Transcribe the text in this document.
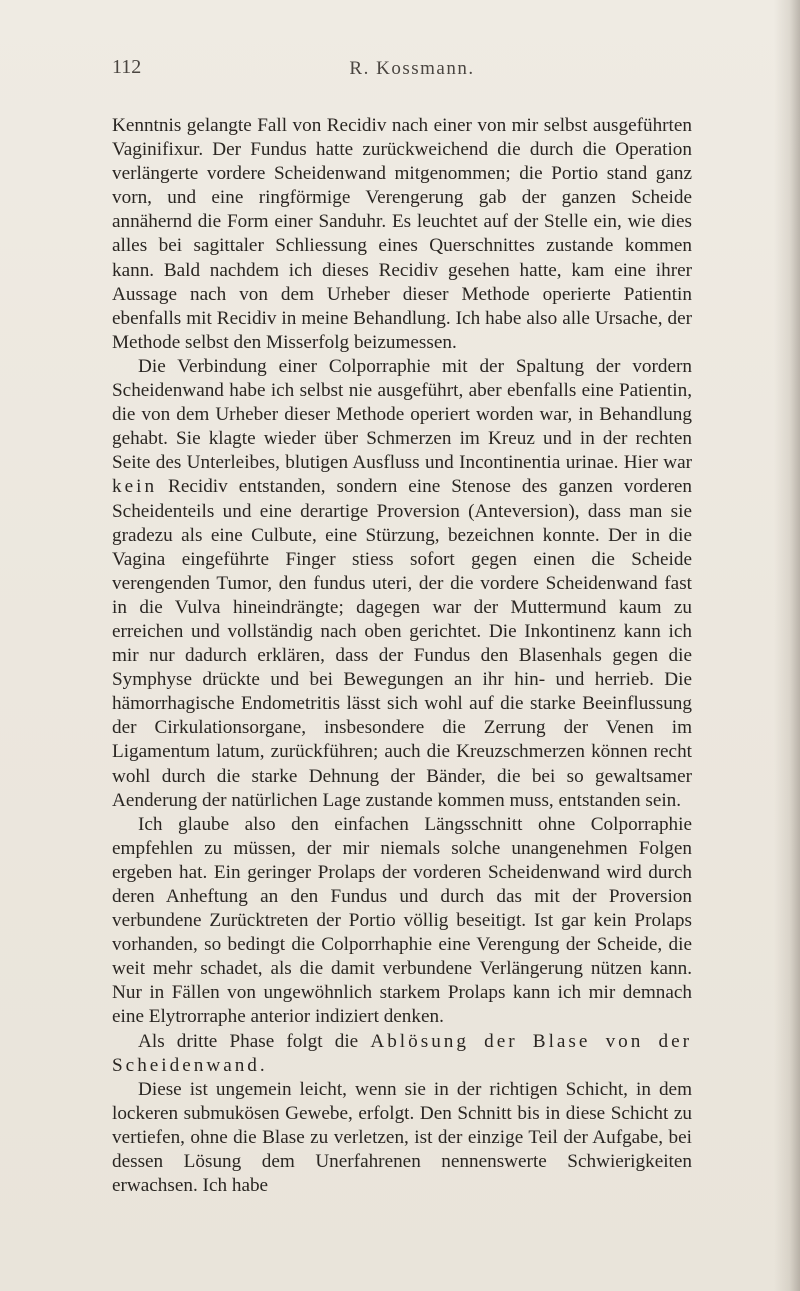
112	R. Kossmann.

Kenntnis gelangte Fall von Recidiv nach einer von mir selbst ausgeführten Vaginifixur. Der Fundus hatte zurückweichend die durch die Operation verlängerte vordere Scheidenwand mitgenommen; die Portio stand ganz vorn, und eine ringförmige Verengerung gab der ganzen Scheide annähernd die Form einer Sanduhr. Es leuchtet auf der Stelle ein, wie dies alles bei sagittaler Schliessung eines Querschnittes zustande kommen kann. Bald nachdem ich dieses Recidiv gesehen hatte, kam eine ihrer Aussage nach von dem Urheber dieser Methode operierte Patientin ebenfalls mit Recidiv in meine Behandlung. Ich habe also alle Ursache, der Methode selbst den Misserfolg beizumessen.

Die Verbindung einer Colporraphie mit der Spaltung der vordern Scheidenwand habe ich selbst nie ausgeführt, aber ebenfalls eine Patientin, die von dem Urheber dieser Methode operiert worden war, in Behandlung gehabt. Sie klagte wieder über Schmerzen im Kreuz und in der rechten Seite des Unterleibes, blutigen Ausfluss und Incontinentia urinae. Hier war kein Recidiv entstanden, sondern eine Stenose des ganzen vorderen Scheidenteils und eine derartige Proversion (Anteversion), dass man sie gradezu als eine Culbute, eine Stürzung, bezeichnen konnte. Der in die Vagina eingeführte Finger stiess sofort gegen einen die Scheide verengenden Tumor, den fundus uteri, der die vordere Scheidenwand fast in die Vulva hineindrängte; dagegen war der Muttermund kaum zu erreichen und vollständig nach oben gerichtet. Die Inkontinenz kann ich mir nur dadurch erklären, dass der Fundus den Blasenhals gegen die Symphyse drückte und bei Bewegungen an ihr hin- und herrieb. Die hämorrhagische Endometritis lässt sich wohl auf die starke Beeinflussung der Cirkulationsorgane, insbesondere die Zerrung der Venen im Ligamentum latum, zurückführen; auch die Kreuzschmerzen können recht wohl durch die starke Dehnung der Bänder, die bei so gewaltsamer Aenderung der natürlichen Lage zustande kommen muss, entstanden sein.

Ich glaube also den einfachen Längsschnitt ohne Colporraphie empfehlen zu müssen, der mir niemals solche unangenehmen Folgen ergeben hat. Ein geringer Prolaps der vorderen Scheidenwand wird durch deren Anheftung an den Fundus und durch das mit der Proversion verbundene Zurücktreten der Portio völlig beseitigt. Ist gar kein Prolaps vorhanden, so bedingt die Colporrhaphie eine Verengung der Scheide, die weit mehr schadet, als die damit verbundene Verlängerung nützen kann. Nur in Fällen von ungewöhnlich starkem Prolaps kann ich mir demnach eine Elytrorraphe anterior indiziert denken.

Als dritte Phase folgt die Ablösung der Blase von der Scheidenwand.

Diese ist ungemein leicht, wenn sie in der richtigen Schicht, in dem lockeren submukösen Gewebe, erfolgt. Den Schnitt bis in diese Schicht zu vertiefen, ohne die Blase zu verletzen, ist der einzige Teil der Aufgabe, bei dessen Lösung dem Unerfahrenen nennenswerte Schwierigkeiten erwachsen. Ich habe
